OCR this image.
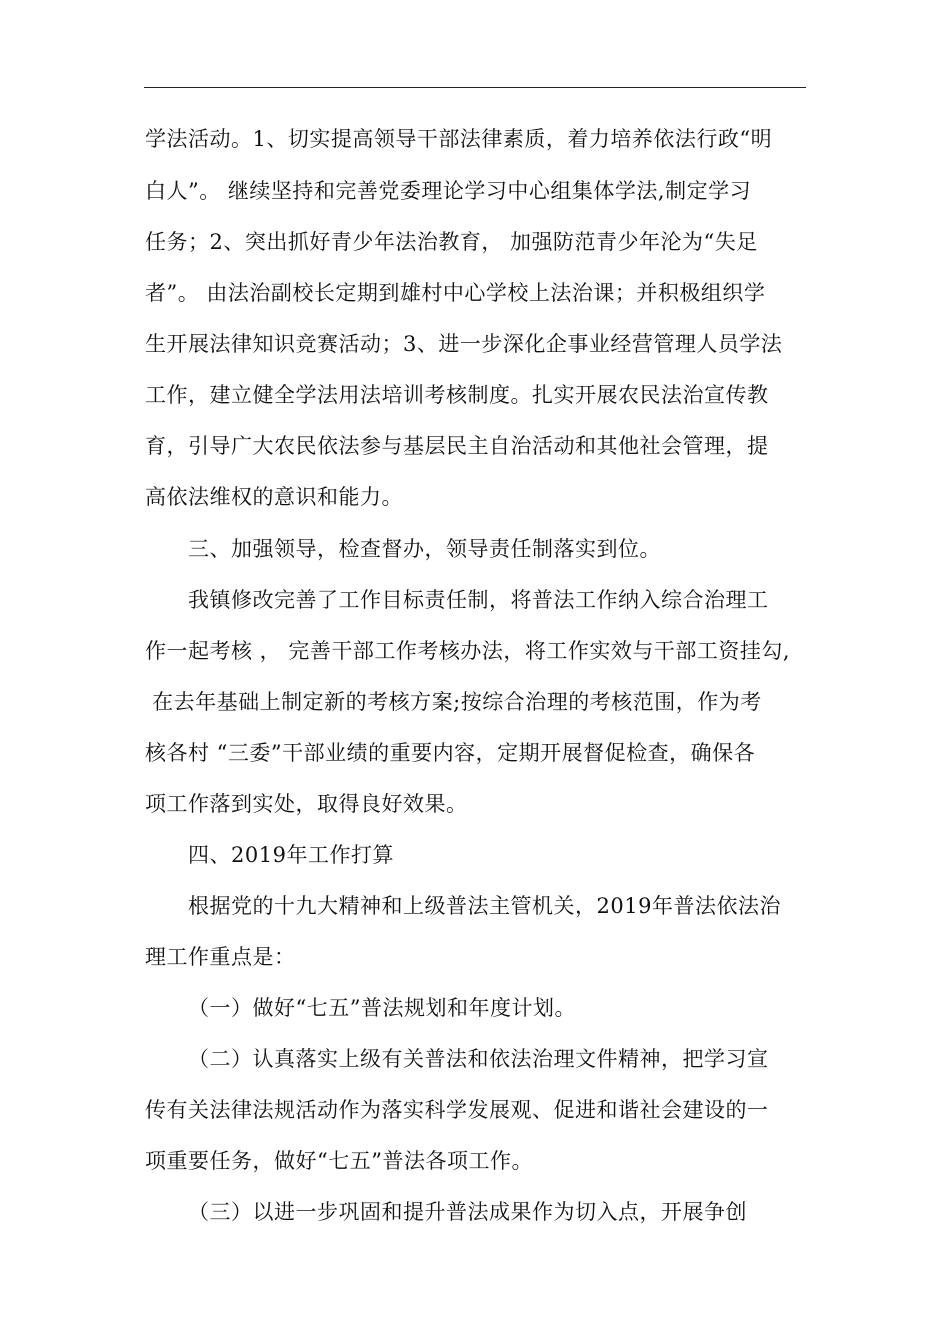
学法活动。1、切实提高领导干部法律素质，着力培养依法行政“明
白人”。 继续坚持和完善党委理论学习中心组集体学法,制定学习
任务；2、突出抓好青少年法治教育， 加强防范青少年沦为“失足
者”。 由法治副校长定期到雄村中心学校上法治课；并积极组织学
生开展法律知识竞赛活动；3、进一步深化企事业经营管理人员学法
工作，建立健全学法用法培训考核制度。扎实开展农民法治宣传教
育，引导广大农民依法参与基层民主自治活动和其他社会管理，提
高依法维权的意识和能力。
三、加强领导，检查督办，领导责任制落实到位。
我镇修改完善了工作目标责任制，将普法工作纳入综合治理工
作一起考核 ， 完善干部工作考核办法，将工作实效与干部工资挂勾,
在去年基础上制定新的考核方案;按综合治理的考核范围，作为考
核各村 “三委”干部业绩的重要内容，定期开展督促检查，确保各
项工作落到实处，取得良好效果。
四、2019年工作打算
根据党的十九大精神和上级普法主管机关，2019年普法依法治
理工作重点是：
（一）做好“七五”普法规划和年度计划。
（二）认真落实上级有关普法和依法治理文件精神，把学习宣
传有关法律法规活动作为落实科学发展观、促进和谐社会建设的一
项重要任务，做好“七五”普法各项工作。
（三）以进一步巩固和提升普法成果作为切入点，开展争创
